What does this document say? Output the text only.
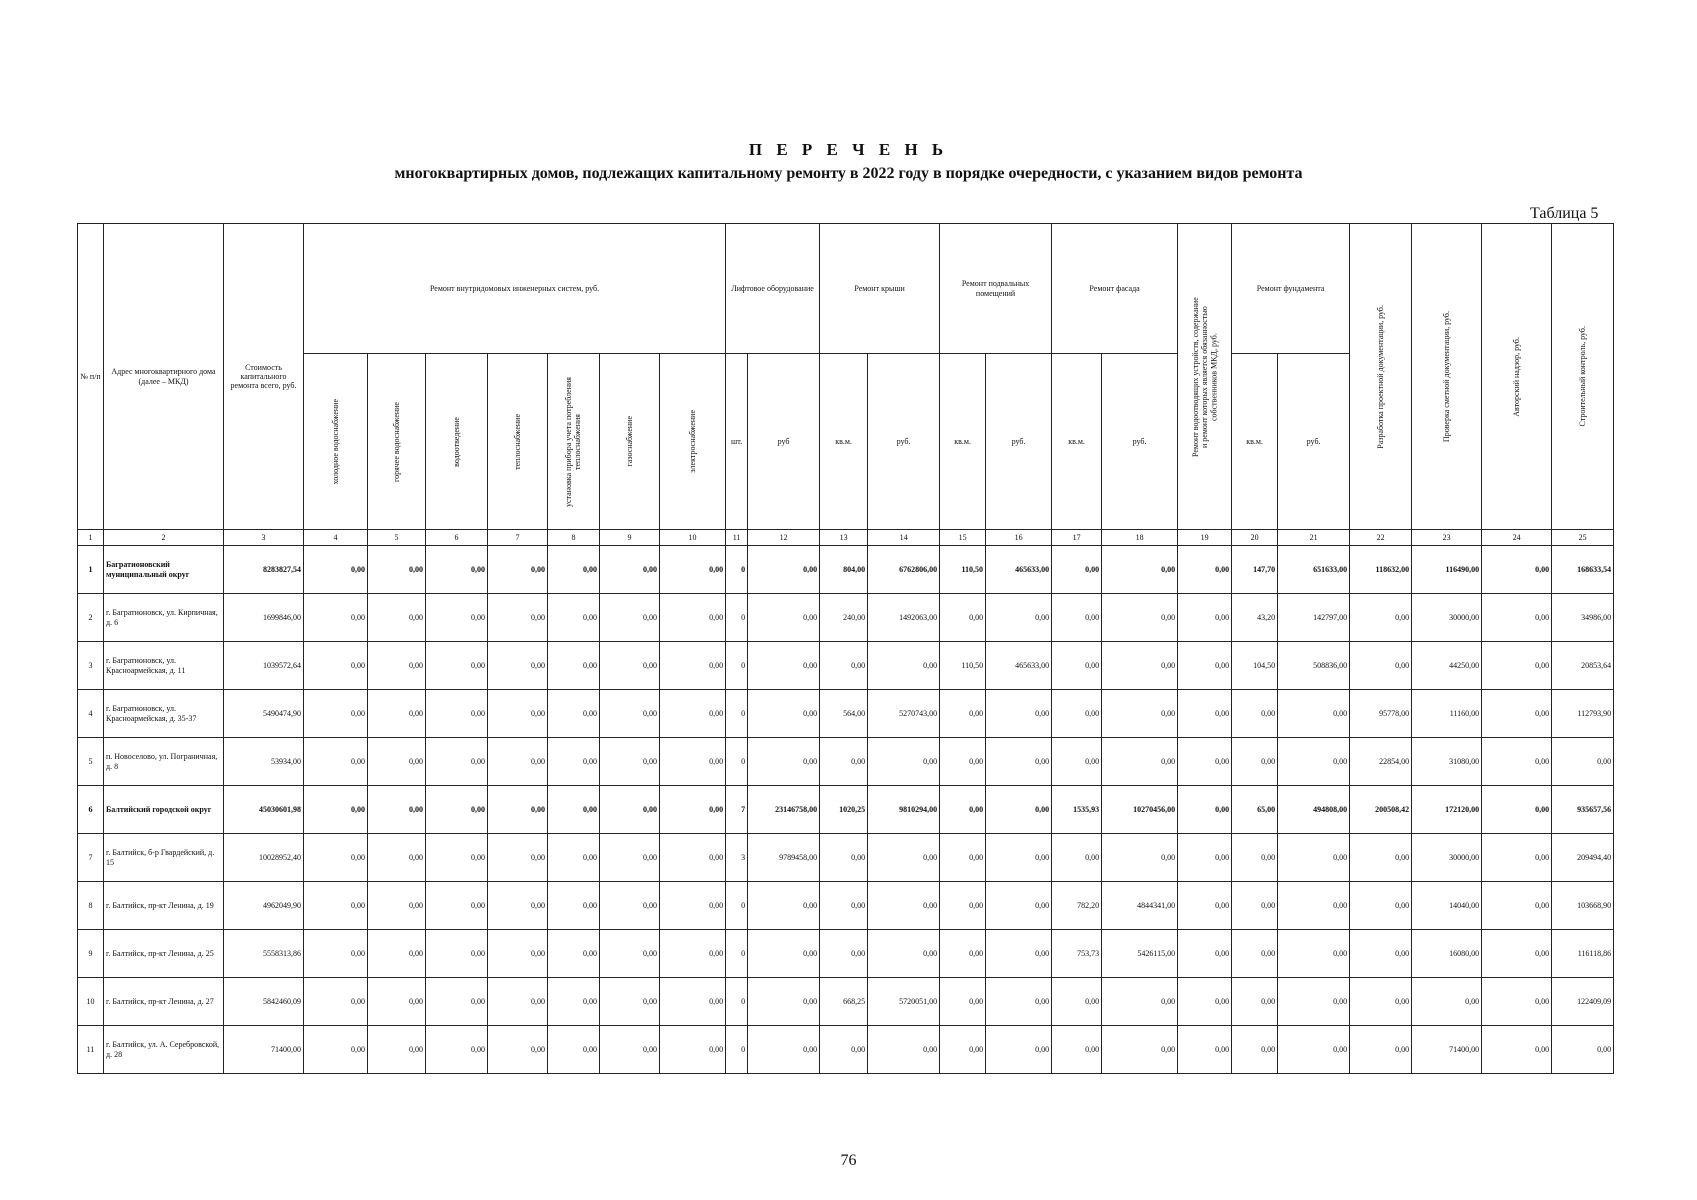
П Е Р Е Ч Е Н Ь
многоквартирных домов, подлежащих капитальному ремонту в 2022 году в порядке очередности, с указанием видов ремонта
Таблица 5
№ п/п	Адрес многоквартирного дома (далее – МКД)	Стоимость капитального ремонта всего, руб.	Ремонт внутридомовых инженерных систем, руб.							Лифтовое оборудование		Ремонт крыши		Ремонт подвальных помещений		Ремонт фасада		Ремонт водоотводящих устройств, содержание и ремонт которых является обязанностью собственников МКД, руб.	Ремонт фундамента		Разработка проектной документации, руб.	Проверка сметной документации, руб.	Авторский надзор, руб.	Строительный контроль, руб.

			холодное водоснабжение	горячее водоснабжение	водоотведение	теплоснабжение	установка прибора учета потребления теплоснабжения	газоснабжение	электроснабжение	шт.	руб	кв.м.	руб.	кв.м.	руб.	кв.м.	руб.		кв.м.	руб.				
1	2	3	4	5	6	7	8	9	10	11	12	13	14	15	16	17	18	19	20	21	22	23	24	25
1	Багратионовский муниципальный округ	8283827,54	0,00	0,00	0,00	0,00	0,00	0,00	0,00	0	0,00	804,00	6762806,00	110,50	465633,00	0,00	0,00	0,00	147,70	651633,00	118632,00	116490,00	0,00	168633,54
2	г. Багратионовск, ул. Кирпичная, д. 6	1699846,00	0,00	0,00	0,00	0,00	0,00	0,00	0,00	0	0,00	240,00	1492063,00	0,00	0,00	0,00	0,00	0,00	43,20	142797,00	0,00	30000,00	0,00	34986,00
3	г. Багратионовск, ул. Красноармейская, д. 11	1039572,64	0,00	0,00	0,00	0,00	0,00	0,00	0,00	0	0,00	0,00	0,00	110,50	465633,00	0,00	0,00	0,00	104,50	508836,00	0,00	44250,00	0,00	20853,64
4	г. Багратионовск, ул. Красноармейская, д. 35-37	5490474,90	0,00	0,00	0,00	0,00	0,00	0,00	0,00	0	0,00	564,00	5270743,00	0,00	0,00	0,00	0,00	0,00	0,00	0,00	95778,00	11160,00	0,00	112793,90
5	п. Новоселово, ул. Пограничная, д. 8	53934,00	0,00	0,00	0,00	0,00	0,00	0,00	0,00	0	0,00	0,00	0,00	0,00	0,00	0,00	0,00	0,00	0,00	0,00	22854,00	31080,00	0,00	0,00
6	Балтийский городской округ	45030601,98	0,00	0,00	0,00	0,00	0,00	0,00	0,00	7	23146758,00	1020,25	9810294,00	0,00	0,00	1535,93	10270456,00	0,00	65,00	494808,00	200508,42	172120,00	0,00	935657,56
7	г. Балтийск, б-р Гвардейский, д. 15	10028952,40	0,00	0,00	0,00	0,00	0,00	0,00	0,00	3	9789458,00	0,00	0,00	0,00	0,00	0,00	0,00	0,00	0,00	0,00	0,00	30000,00	0,00	209494,40
8	г. Балтийск, пр-кт Ленина, д. 19	4962049,90	0,00	0,00	0,00	0,00	0,00	0,00	0,00	0	0,00	0,00	0,00	0,00	0,00	782,20	4844341,00	0,00	0,00	0,00	0,00	14040,00	0,00	103668,90
9	г. Балтийск, пр-кт Ленина, д. 25	5558313,86	0,00	0,00	0,00	0,00	0,00	0,00	0,00	0	0,00	0,00	0,00	0,00	0,00	753,73	5426115,00	0,00	0,00	0,00	0,00	16080,00	0,00	116118,86
10	г. Балтийск, пр-кт Ленина, д. 27	5842460,09	0,00	0,00	0,00	0,00	0,00	0,00	0,00	0	0,00	668,25	5720051,00	0,00	0,00	0,00	0,00	0,00	0,00	0,00	0,00	0,00	0,00	122409,09
11	г. Балтийск, ул. А. Серебровской, д. 28	71400,00	0,00	0,00	0,00	0,00	0,00	0,00	0,00	0	0,00	0,00	0,00	0,00	0,00	0,00	0,00	0,00	0,00	0,00	0,00	71400,00	0,00	0,00
76
